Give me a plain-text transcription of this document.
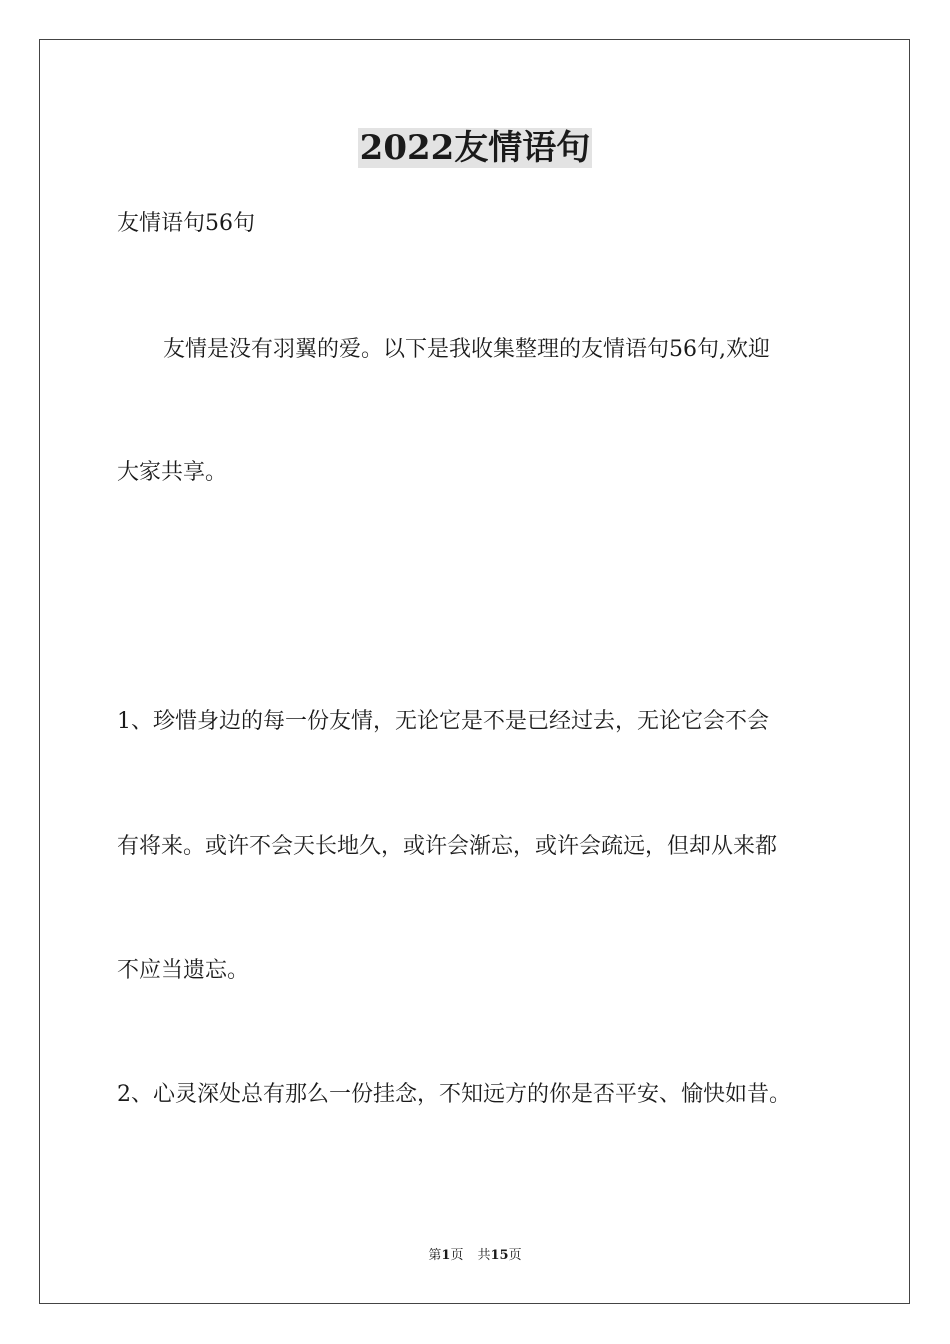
2022友情语句

友情语句56句

友情是没有羽翼的爱。以下是我收集整理的友情语句56句,欢迎

大家共享。

1、珍惜身边的每一份友情，无论它是不是已经过去，无论它会不会

有将来。或许不会天长地久，或许会渐忘，或许会疏远，但却从来都

不应当遗忘。

2、心灵深处总有那么一份挂念，不知远方的你是否平安、愉快如昔。

第1页 共15页
